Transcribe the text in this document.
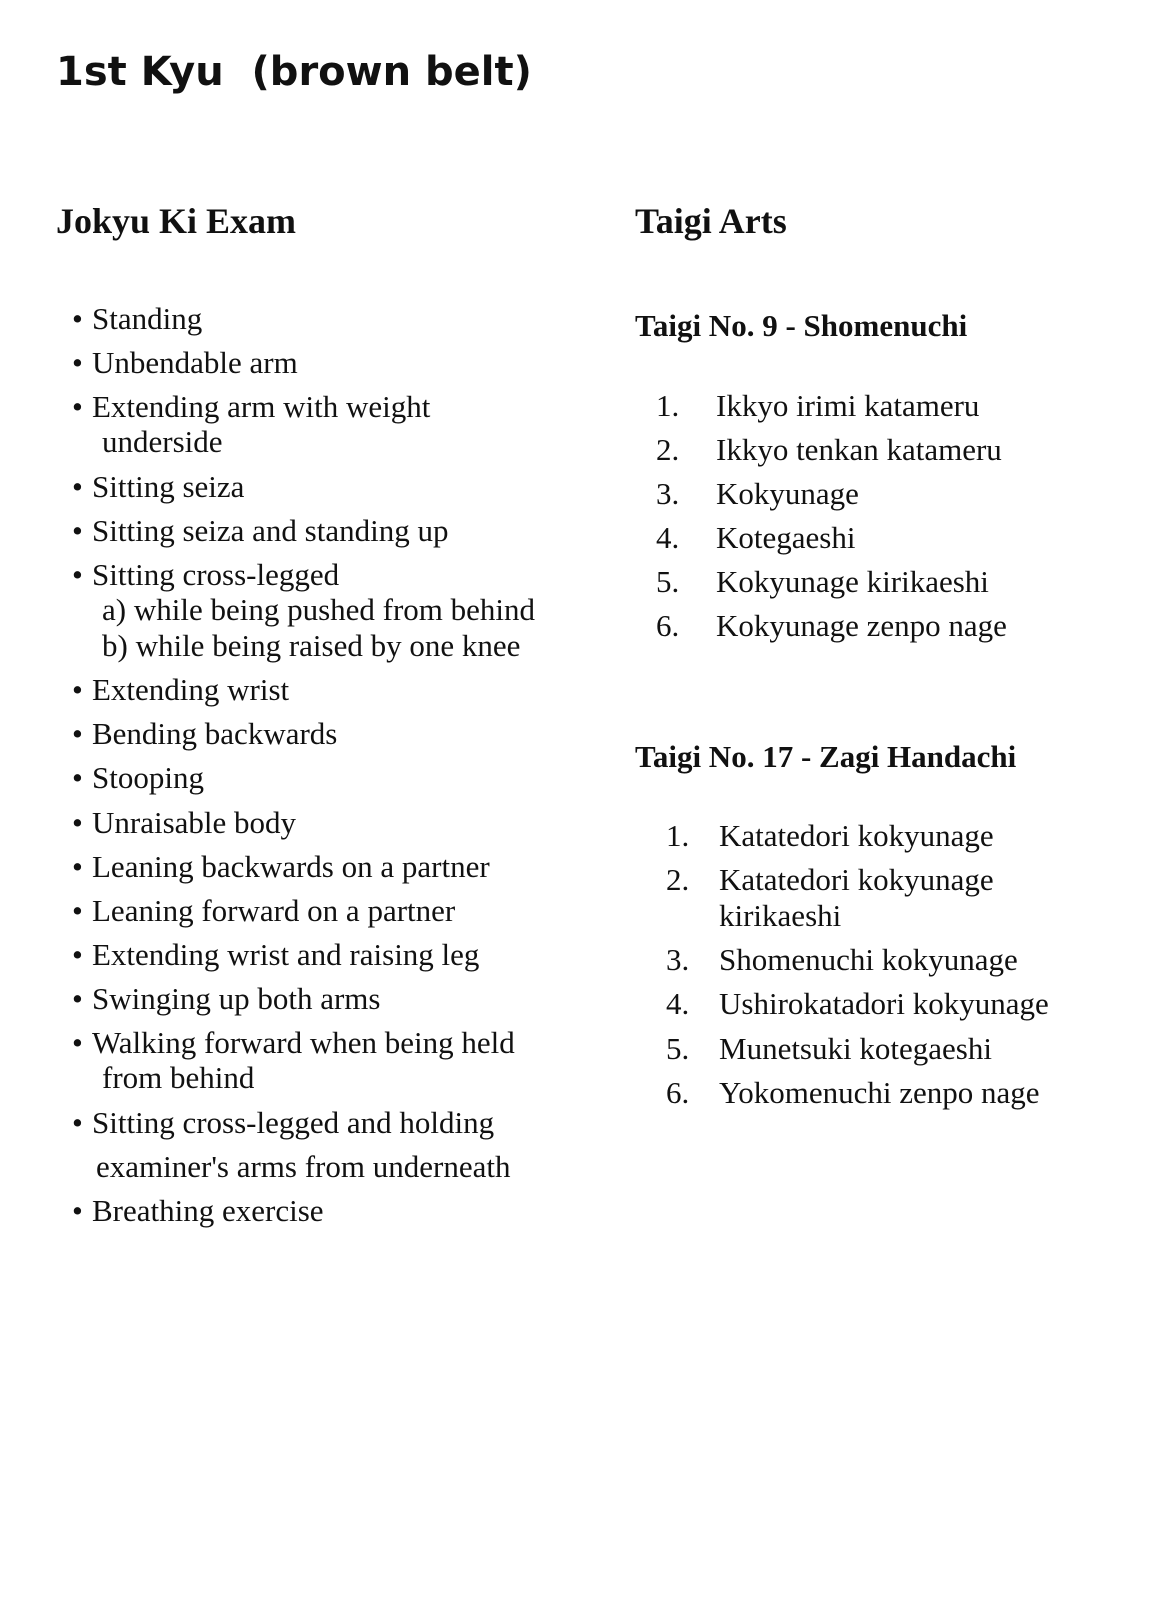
1st Kyu  (brown belt)
Jokyu Ki Exam
• Standing
• Unbendable arm
• Extending arm with weight
underside
• Sitting seiza
• Sitting seiza and standing up
• Sitting cross-legged
a) while being pushed from behind
b) while being raised by one knee
• Extending wrist
• Bending backwards
• Stooping
• Unraisable body
• Leaning backwards on a partner
• Leaning forward on a partner
• Extending wrist and raising leg
• Swinging up both arms
• Walking forward when being held
from behind
• Sitting cross-legged and holding
examiner's arms from underneath
• Breathing exercise
Taigi Arts
Taigi No. 9 - Shomenuchi
1. Ikkyo irimi katameru
2. Ikkyo tenkan katameru
3. Kokyunage
4. Kotegaeshi
5. Kokyunage kirikaeshi
6. Kokyunage zenpo nage
Taigi No. 17 - Zagi Handachi
1. Katatedori kokyunage
2. Katatedori kokyunage
kirikaeshi
3. Shomenuchi kokyunage
4. Ushirokatadori kokyunage
5. Munetsuki kotegaeshi
6. Yokomenuchi zenpo nage
